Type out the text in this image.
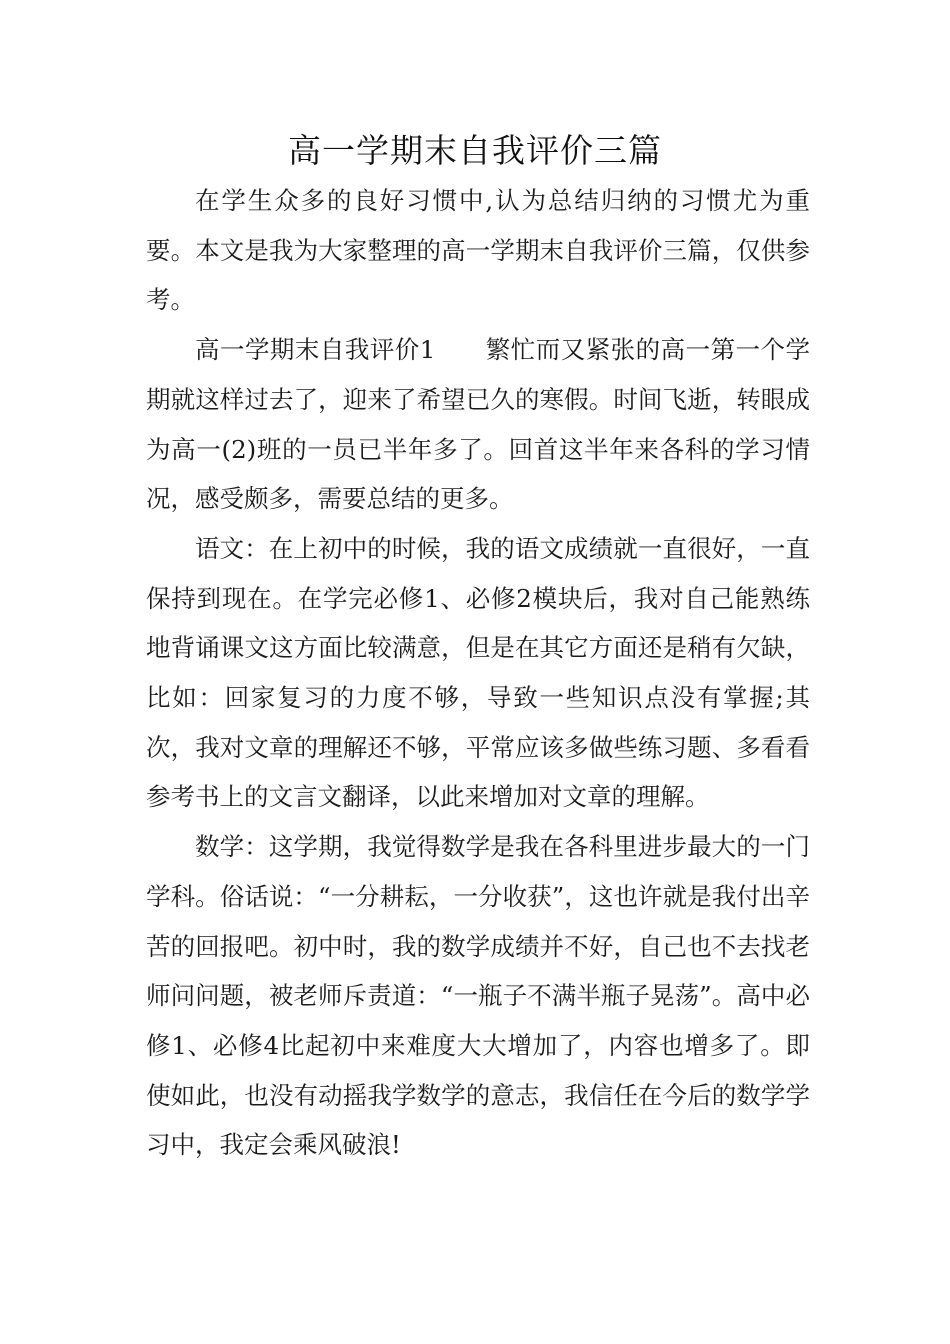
高一学期末自我评价三篇

在学生众多的良好习惯中,认为总结归纳的习惯尤为重要。本文是我为大家整理的高一学期末自我评价三篇，仅供参考。

高一学期末自我评价1　　繁忙而又紧张的高一第一个学期就这样过去了，迎来了希望已久的寒假。时间飞逝，转眼成为高一(2)班的一员已半年多了。回首这半年来各科的学习情况，感受颇多，需要总结的更多。

语文：在上初中的时候，我的语文成绩就一直很好，一直保持到现在。在学完必修1、必修2模块后，我对自己能熟练地背诵课文这方面比较满意，但是在其它方面还是稍有欠缺，比如：回家复习的力度不够，导致一些知识点没有掌握;其次，我对文章的理解还不够，平常应该多做些练习题、多看看参考书上的文言文翻译，以此来增加对文章的理解。

数学：这学期，我觉得数学是我在各科里进步最大的一门学科。俗话说：“一分耕耘，一分收获”，这也许就是我付出辛苦的回报吧。初中时，我的数学成绩并不好，自己也不去找老师问问题，被老师斥责道：“一瓶子不满半瓶子晃荡”。高中必修1、必修4比起初中来难度大大增加了，内容也增多了。即使如此，也没有动摇我学数学的意志，我信任在今后的数学学习中，我定会乘风破浪!
